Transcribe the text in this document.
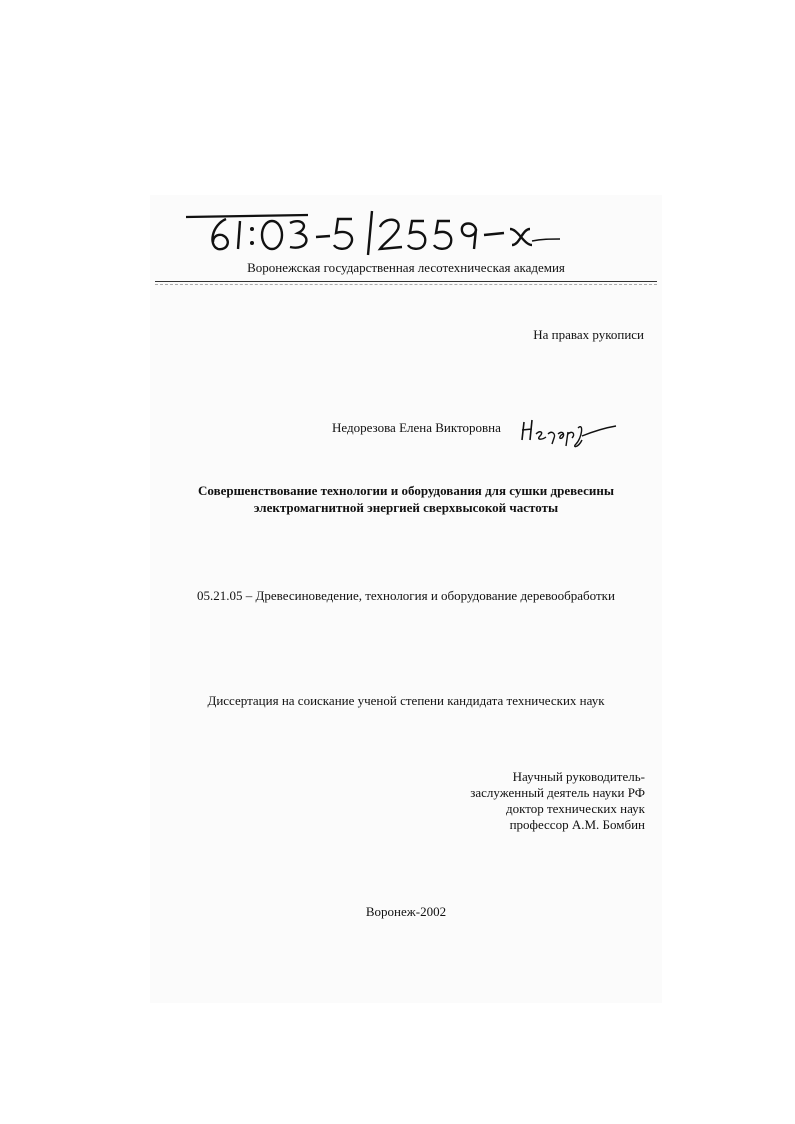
Воронежская государственная лесотехническая академия
На правах рукописи
Недорезова Елена Викторовна
Совершенствование технологии и оборудования для сушки древесины
электромагнитной энергией сверхвысокой частоты
05.21.05 – Древесиноведение, технология и оборудование деревообработки
Диссертация на соискание ученой степени кандидата технических наук
Научный руководитель-
заслуженный деятель науки РФ
доктор технических наук
профессор А.М. Бомбин
Воронеж-2002
